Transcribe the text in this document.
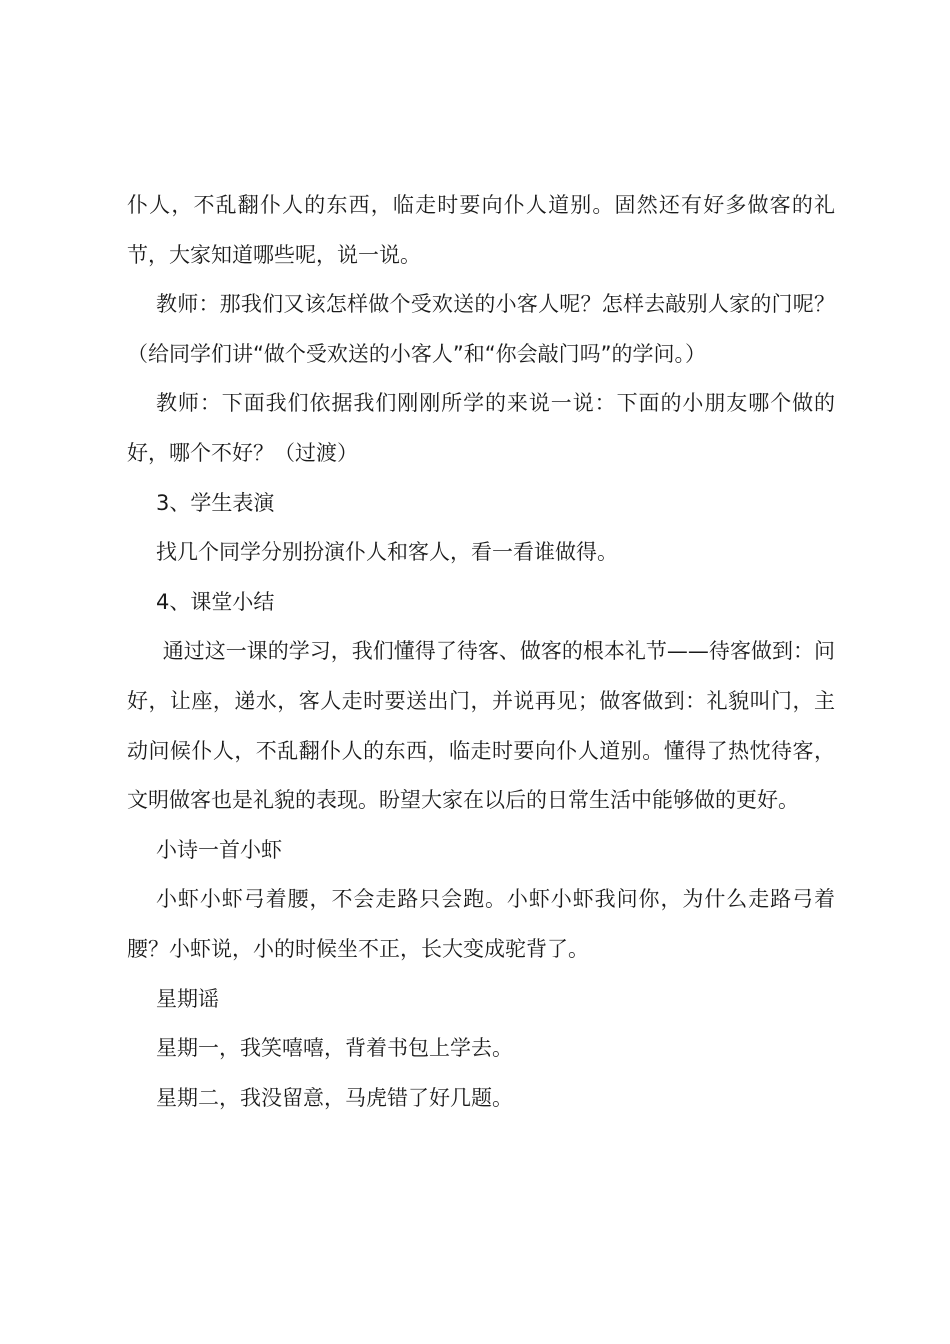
仆人，不乱翻仆人的东西，临走时要向仆人道别。固然还有好多做客的礼节，大家知道哪些呢，说一说。

教师：那我们又该怎样做个受欢送的小客人呢？怎样去敲别人家的门呢？（给同学们讲“做个受欢送的小客人”和“你会敲门吗”的学问。）

教师：下面我们依据我们刚刚所学的来说一说：下面的小朋友哪个做的好，哪个不好？（过渡）

3、学生表演

找几个同学分别扮演仆人和客人，看一看谁做得。

4、课堂小结

通过这一课的学习，我们懂得了待客、做客的根本礼节——待客做到：问好，让座，递水，客人走时要送出门，并说再见；做客做到：礼貌叫门，主动问候仆人，不乱翻仆人的东西，临走时要向仆人道别。懂得了热忱待客，文明做客也是礼貌的表现。盼望大家在以后的日常生活中能够做的更好。

小诗一首小虾

小虾小虾弓着腰，不会走路只会跑。小虾小虾我问你，为什么走路弓着腰？小虾说，小的时候坐不正，长大变成驼背了。

星期谣

星期一，我笑嘻嘻，背着书包上学去。

星期二，我没留意，马虎错了好几题。
